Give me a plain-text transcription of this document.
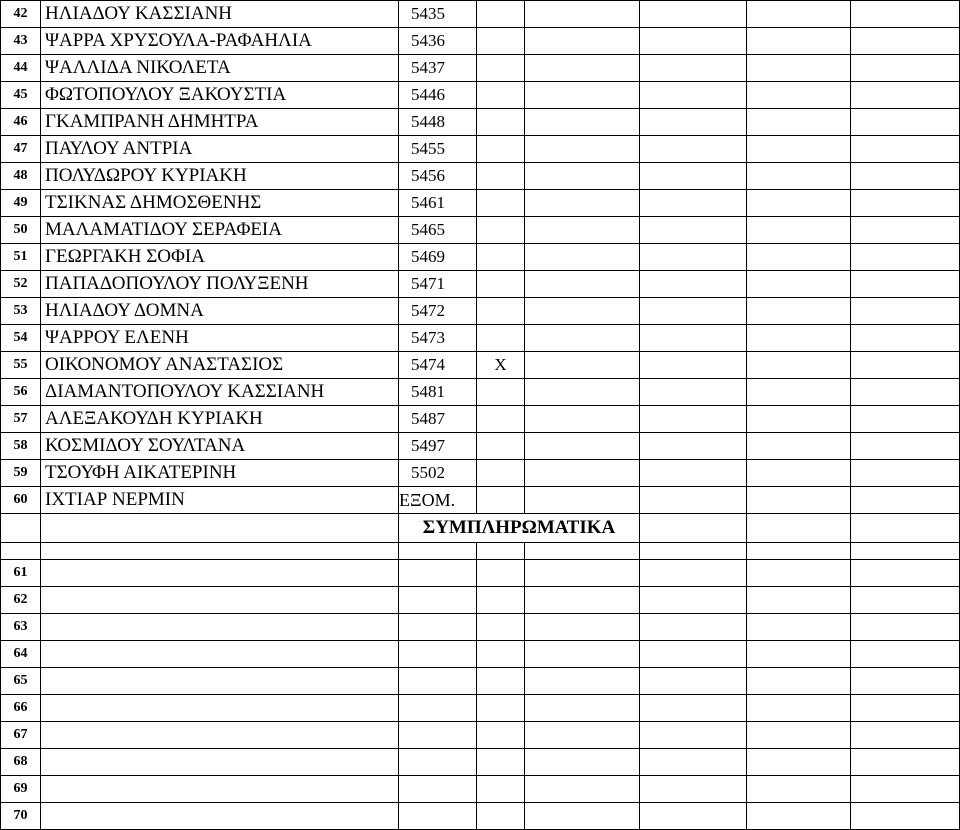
42	ΗΛΙΑΔΟΥ ΚΑΣΣΙΑΝΗ	5435					
43	ΨΑΡΡΑ ΧΡΥΣΟΥΛΑ-ΡΑΦΑΗΛΙΑ	5436					
44	ΨΑΛΛΙΔΑ ΝΙΚΟΛΕΤΑ	5437					
45	ΦΩΤΟΠΟΥΛΟΥ ΞΑΚΟΥΣΤΙΑ	5446					
46	ΓΚΑΜΠΡΑΝΗ ΔΗΜΗΤΡΑ	5448					
47	ΠΑΥΛΟΥ ΑΝΤΡΙΑ	5455					
48	ΠΟΛΥΔΩΡΟΥ ΚΥΡΙΑΚΗ	5456					
49	ΤΣΙΚΝΑΣ ΔΗΜΟΣΘΕΝΗΣ	5461					
50	ΜΑΛΑΜΑΤΙΔΟΥ ΣΕΡΑΦΕΙΑ	5465					
51	ΓΕΩΡΓΑΚΗ ΣΟΦΙΑ	5469					
52	ΠΑΠΑΔΟΠΟΥΛΟΥ ΠΟΛΥΞΕΝΗ	5471					
53	ΗΛΙΑΔΟΥ ΔΟΜΝΑ	5472					
54	ΨΑΡΡΟΥ ΕΛΕΝΗ	5473					
55	ΟΙΚΟΝΟΜΟΥ ΑΝΑΣΤΑΣΙΟΣ	5474	Χ				
56	ΔΙΑΜΑΝΤΟΠΟΥΛΟΥ ΚΑΣΣΙΑΝΗ	5481					
57	ΑΛΕΞΑΚΟΥΔΗ ΚΥΡΙΑΚΗ	5487					
58	ΚΟΣΜΙΔΟΥ ΣΟΥΛΤΑΝΑ	5497					
59	ΤΣΟΥΦΗ ΑΙΚΑΤΕΡΙΝΗ	5502					
60	ΙΧΤΙΑΡ ΝΕΡΜΙΝ	ΕΞΟΜ.					
		ΣΥΜΠΛΗΡΩΜΑΤΙΚΑ					

61							
62							
63							
64							
65							
66							
67							
68							
69							
70							
